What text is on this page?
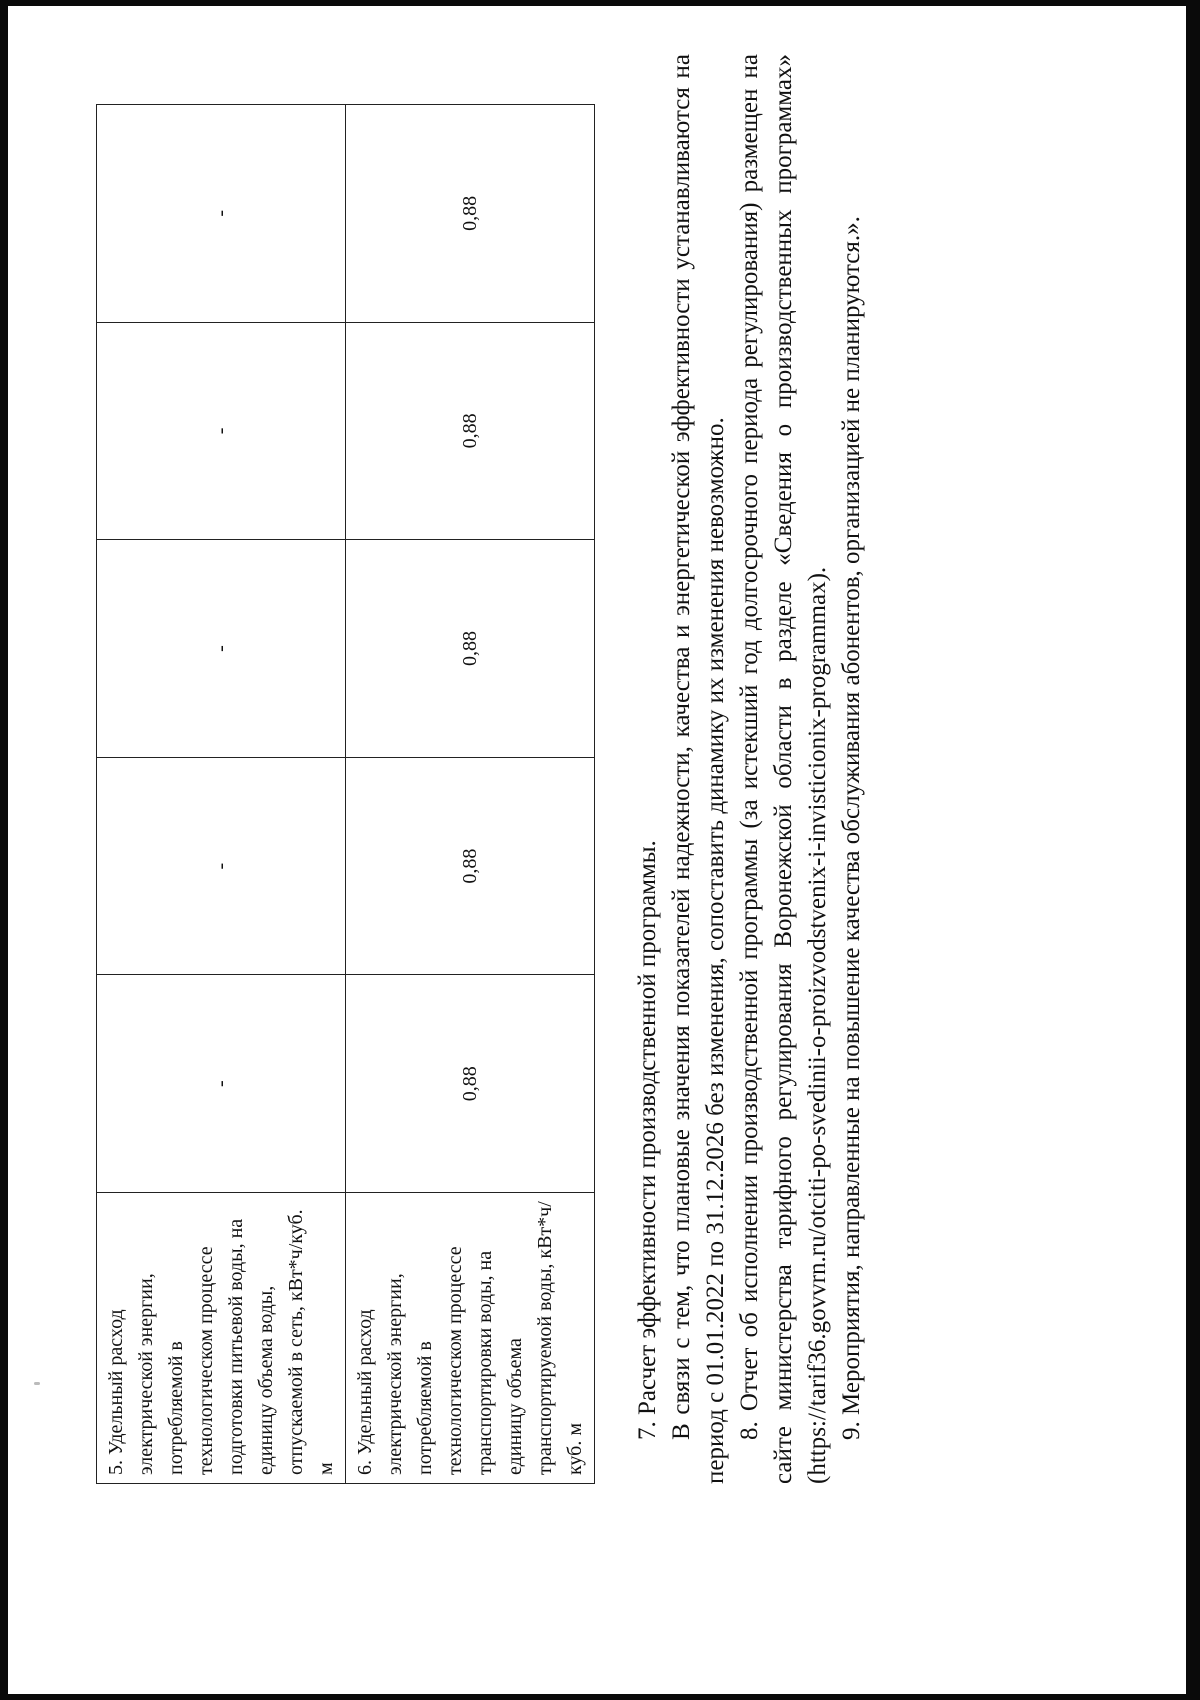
5. Удельный расход электрической энергии, потребляемой в технологическом процессе подготовки питьевой воды, на единицу объема воды, отпускаемой в сеть, кВт*ч/куб. м	-	-	-	-	-
6. Удельный расход электрической энергии, потребляемой в технологическом процессе транспортировки воды, на единицу объема транспортируемой воды, кВт*ч/куб. м	0,88	0,88	0,88	0,88	0,88

7. Расчет эффективности производственной программы. В связи с тем, что плановые значения показателей надежности, качества и энергетической эффективности устанавливаются на период с 01.01.2022 по 31.12.2026 без изменения, сопоставить динамику их изменения невозможно. 8. Отчет об исполнении производственной программы (за истекший год долгосрочного периода регулирования) размещен на сайте министерства тарифного регулирования Воронежской области в разделе «Сведения о производственных программах» (https://tarif36.govvrn.ru/otciti-po-svedinii-o-proizvodstvenix-i-invisticionix-programmax). 9. Мероприятия, направленные на повышение качества обслуживания абонентов, организацией не планируются.».
